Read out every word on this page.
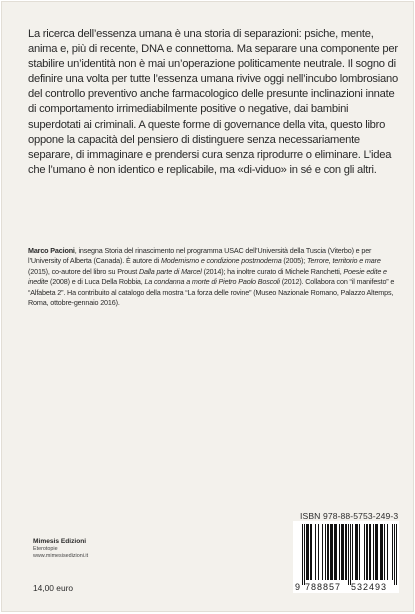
La ricerca dell’essenza umana è una storia di separazioni: psiche, mente, anima e, più di recente, DNA e connettoma. Ma separare una componente per stabilire un’identità non è mai un’operazione politicamente neutrale. Il sogno di definire una volta per tutte l’essenza umana rivive oggi nell’incubo lombrosiano del controllo preventivo anche farmacologico delle presunte inclinazioni innate di comportamento irrimediabilmente positive o negative, dai bambini superdotati ai criminali. A queste forme di governance della vita, questo libro oppone la capacità del pensiero di distinguere senza necessariamente separare, di immaginare e prendersi cura senza riprodurre o eliminare. L’idea che l’umano è non identico e replicabile, ma «di-viduo» in sé e con gli altri.

Marco Pacioni, insegna Storia del rinascimento nel programma USAC dell’Università della Tuscia (Viterbo) e per l’University of Alberta (Canada). È autore di Modernismo e condizione postmoderna (2005); Terrore, territorio e mare (2015), co-autore del libro su Proust Dalla parte di Marcel (2014); ha inoltre curato di Michele Ranchetti, Poesie edite e inedite (2008) e di Luca Della Robbia, La condanna a morte di Pietro Paolo Boscoli (2012). Collabora con “il manifesto” e “Alfabeta 2”. Ha contribuito al catalogo della mostra “La forza delle rovine” (Museo Nazionale Romano, Palazzo Altemps, Roma, ottobre-gennaio 2016).

ISBN 978-88-5753-249-3
9 788857 532493
Mimesis Edizioni
Eterotopie
www.mimesisedizioni.it
14,00 euro
